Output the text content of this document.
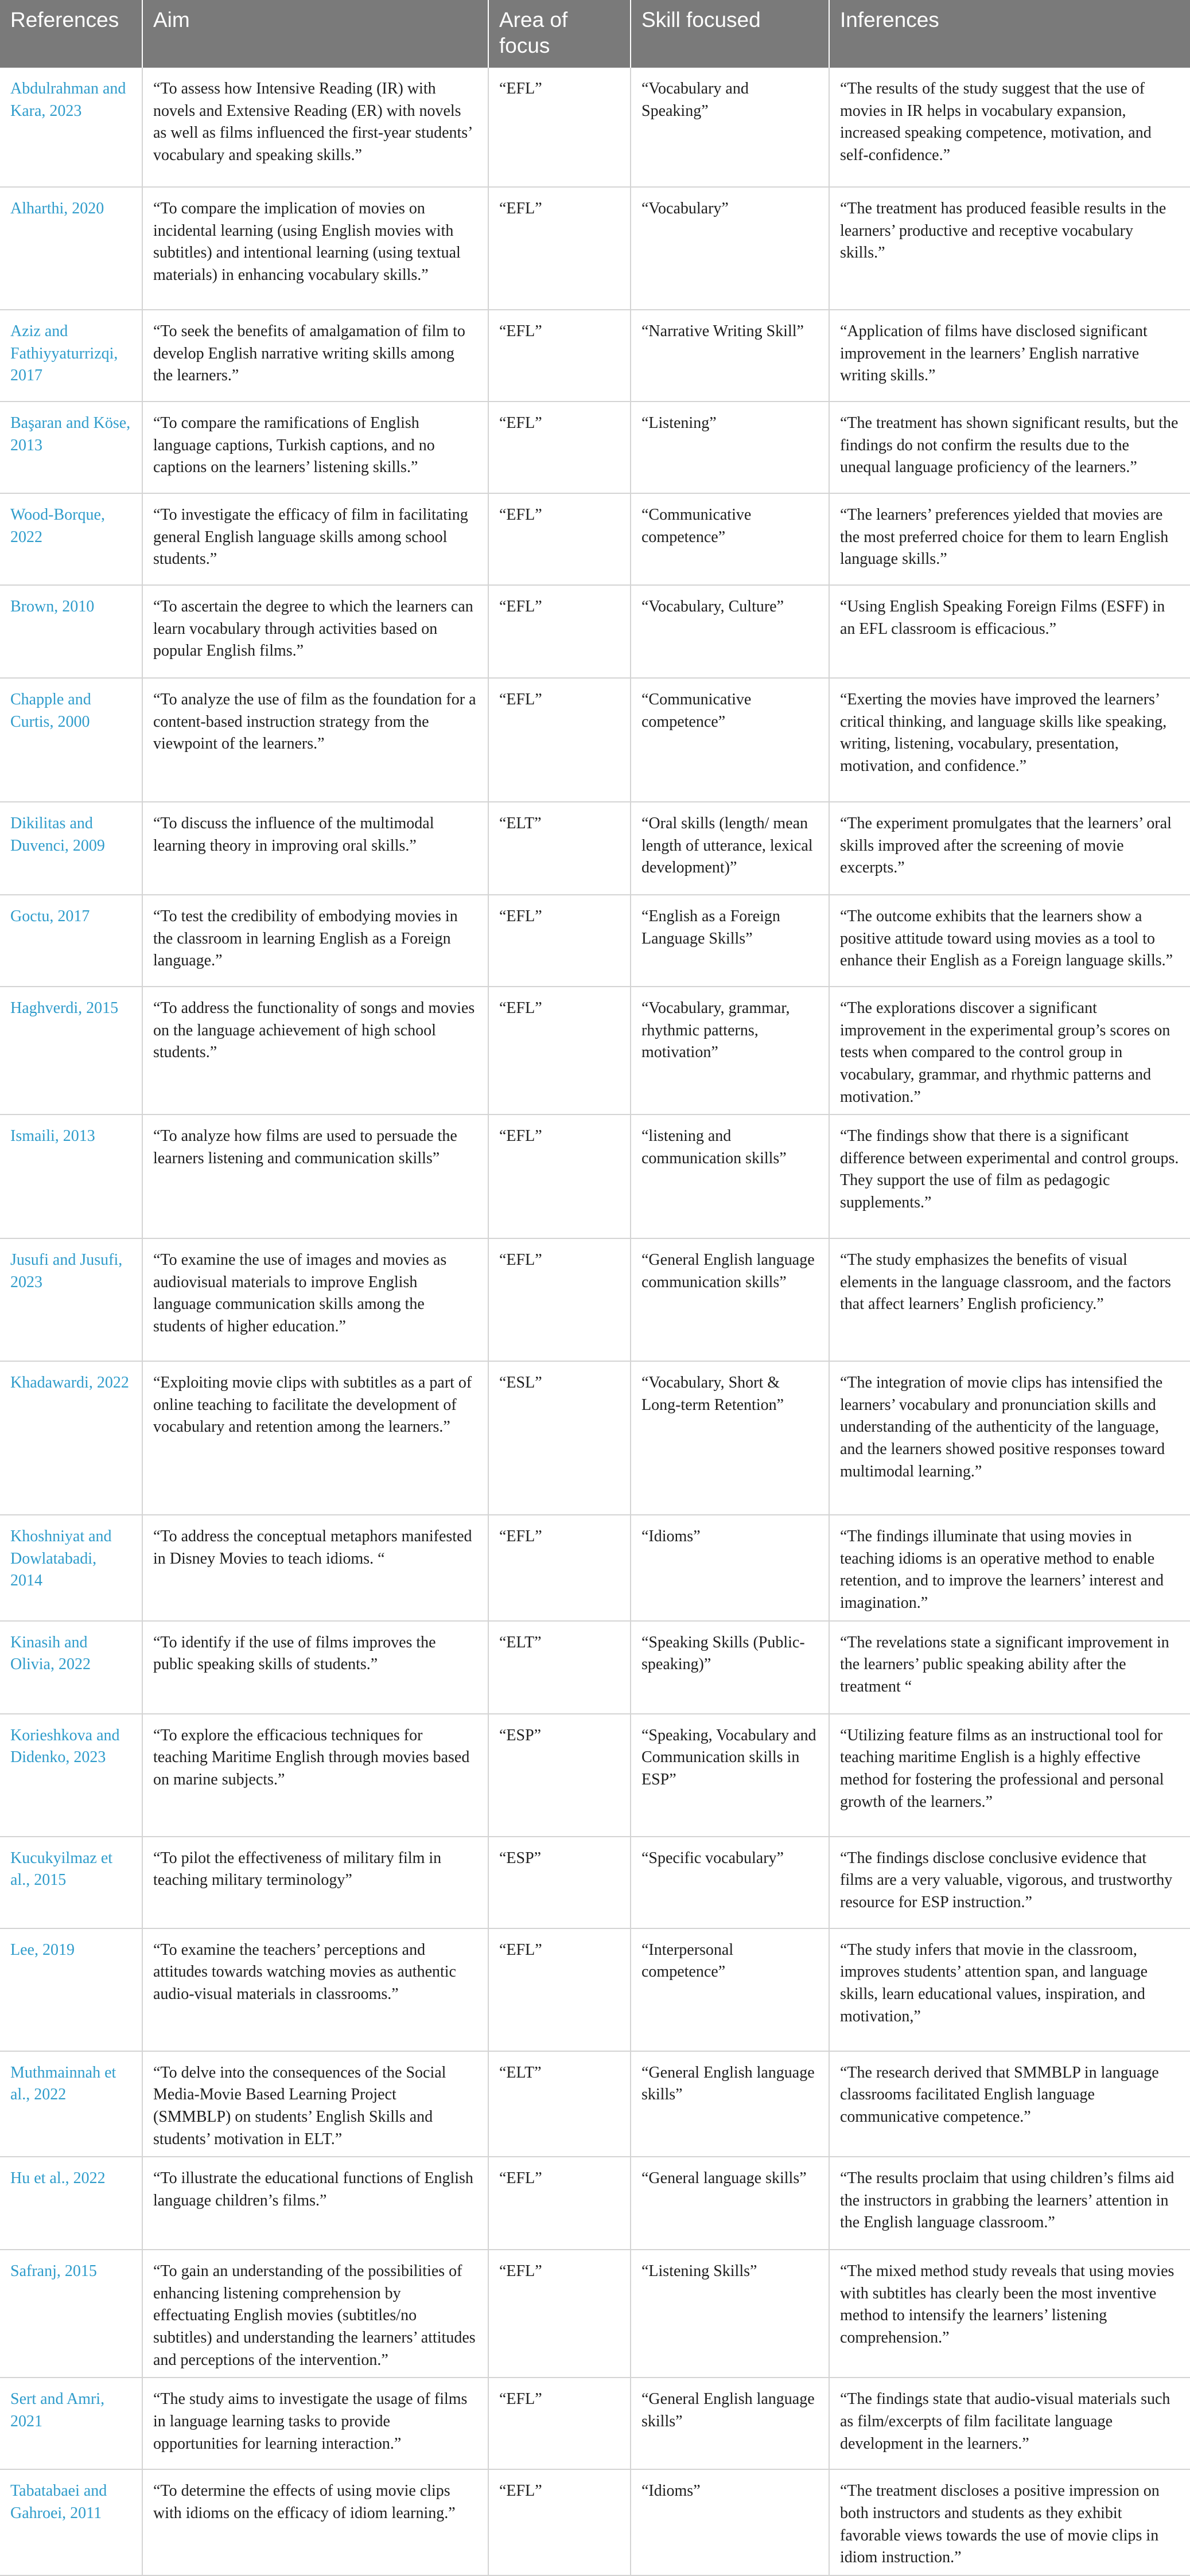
References	Aim	Area of focus	Skill focused	Inferences
Abdulrahman and Kara, 2023	“To assess how Intensive Reading (IR) with novels and Extensive Reading (ER) with novels as well as films influenced the first-year students’ vocabulary and speaking skills.”	“EFL”	“Vocabulary and Speaking”	“The results of the study suggest that the use of movies in IR helps in vocabulary expansion, increased speaking competence, motivation, and self-confidence.”
Alharthi, 2020	“To compare the implication of movies on incidental learning (using English movies with subtitles) and intentional learning (using textual materials) in enhancing vocabulary skills.”	“EFL”	“Vocabulary”	“The treatment has produced feasible results in the learners’ productive and receptive vocabulary skills.”
Aziz and Fathiyyaturrizqi, 2017	“To seek the benefits of amalgamation of film to develop English narrative writing skills among the learners.”	“EFL”	“Narrative Writing Skill”	“Application of films have disclosed significant improvement in the learners’ English narrative writing skills.”
Başaran and Köse, 2013	“To compare the ramifications of English language captions, Turkish captions, and no captions on the learners’ listening skills.”	“EFL”	“Listening”	“The treatment has shown significant results, but the findings do not confirm the results due to the unequal language proficiency of the learners.”
Wood-Borque, 2022	“To investigate the efficacy of film in facilitating general English language skills among school students.”	“EFL”	“Communicative competence”	“The learners’ preferences yielded that movies are the most preferred choice for them to learn English language skills.”
Brown, 2010	“To ascertain the degree to which the learners can learn vocabulary through activities based on popular English films.”	“EFL”	“Vocabulary, Culture”	“Using English Speaking Foreign Films (ESFF) in an EFL classroom is efficacious.”
Chapple and Curtis, 2000	“To analyze the use of film as the foundation for a content-based instruction strategy from the viewpoint of the learners.”	“EFL”	“Communicative competence”	“Exerting the movies have improved the learners’ critical thinking, and language skills like speaking, writing, listening, vocabulary, presentation, motivation, and confidence.”
Dikilitas and Duvenci, 2009	“To discuss the influence of the multimodal learning theory in improving oral skills.”	“ELT”	“Oral skills (length/ mean length of utterance, lexical development)”	“The experiment promulgates that the learners’ oral skills improved after the screening of movie excerpts.”
Goctu, 2017	“To test the credibility of embodying movies in the classroom in learning English as a Foreign language.”	“EFL”	“English as a Foreign Language Skills”	“The outcome exhibits that the learners show a positive attitude toward using movies as a tool to enhance their English as a Foreign language skills.”
Haghverdi, 2015	“To address the functionality of songs and movies on the language achievement of high school students.”	“EFL”	“Vocabulary, grammar, rhythmic patterns, motivation”	“The explorations discover a significant improvement in the experimental group’s scores on tests when compared to the control group in vocabulary, grammar, and rhythmic patterns and motivation.”
Ismaili, 2013	“To analyze how films are used to persuade the learners listening and communication skills”	“EFL”	“listening and communication skills”	“The findings show that there is a significant difference between experimental and control groups. They support the use of film as pedagogic supplements.”
Jusufi and Jusufi, 2023	“To examine the use of images and movies as audiovisual materials to improve English language communication skills among the students of higher education.”	“EFL”	“General English language communication skills”	“The study emphasizes the benefits of visual elements in the language classroom, and the factors that affect learners’ English proficiency.”
Khadawardi, 2022	“Exploiting movie clips with subtitles as a part of online teaching to facilitate the development of vocabulary and retention among the learners.”	“ESL”	“Vocabulary, Short & Long-term Retention”	“The integration of movie clips has intensified the learners’ vocabulary and pronunciation skills and understanding of the authenticity of the language, and the learners showed positive responses toward multimodal learning.”
Khoshniyat and Dowlatabadi, 2014	“To address the conceptual metaphors manifested in Disney Movies to teach idioms. “	“EFL”	“Idioms”	“The findings illuminate that using movies in teaching idioms is an operative method to enable retention, and to improve the learners’ interest and imagination.”
Kinasih and Olivia, 2022	“To identify if the use of films improves the public speaking skills of students.”	“ELT”	“Speaking Skills (Public-speaking)”	“The revelations state a significant improvement in the learners’ public speaking ability after the treatment “
Korieshkova and Didenko, 2023	“To explore the efficacious techniques for teaching Maritime English through movies based on marine subjects.”	“ESP”	“Speaking, Vocabulary and Communication skills in ESP”	“Utilizing feature films as an instructional tool for teaching maritime English is a highly effective method for fostering the professional and personal growth of the learners.”
Kucukyilmaz et al., 2015	“To pilot the effectiveness of military film in teaching military terminology”	“ESP”	“Specific vocabulary”	“The findings disclose conclusive evidence that films are a very valuable, vigorous, and trustworthy resource for ESP instruction.”
Lee, 2019	“To examine the teachers’ perceptions and attitudes towards watching movies as authentic audio-visual materials in classrooms.”	“EFL”	“Interpersonal competence”	“The study infers that movie in the classroom, improves students’ attention span, and language skills, learn educational values, inspiration, and motivation,”
Muthmainnah et al., 2022	“To delve into the consequences of the Social Media-Movie Based Learning Project (SMMBLP) on students’ English Skills and students’ motivation in ELT.”	“ELT”	“General English language skills”	“The research derived that SMMBLP in language classrooms facilitated English language communicative competence.”
Hu et al., 2022	“To illustrate the educational functions of English language children’s films.”	“EFL”	“General language skills”	“The results proclaim that using children’s films aid the instructors in grabbing the learners’ attention in the English language classroom.”
Safranj, 2015	“To gain an understanding of the possibilities of enhancing listening comprehension by effectuating English movies (subtitles/no subtitles) and understanding the learners’ attitudes and perceptions of the intervention.”	“EFL”	“Listening Skills”	“The mixed method study reveals that using movies with subtitles has clearly been the most inventive method to intensify the learners’ listening comprehension.”
Sert and Amri, 2021	“The study aims to investigate the usage of films in language learning tasks to provide opportunities for learning interaction.”	“EFL”	“General English language skills”	“The findings state that audio-visual materials such as film/excerpts of film facilitate language development in the learners.”
Tabatabaei and Gahroei, 2011	“To determine the effects of using movie clips with idioms on the efficacy of idiom learning.”	“EFL”	“Idioms”	“The treatment discloses a positive impression on both instructors and students as they exhibit favorable views towards the use of movie clips in idiom instruction.”
